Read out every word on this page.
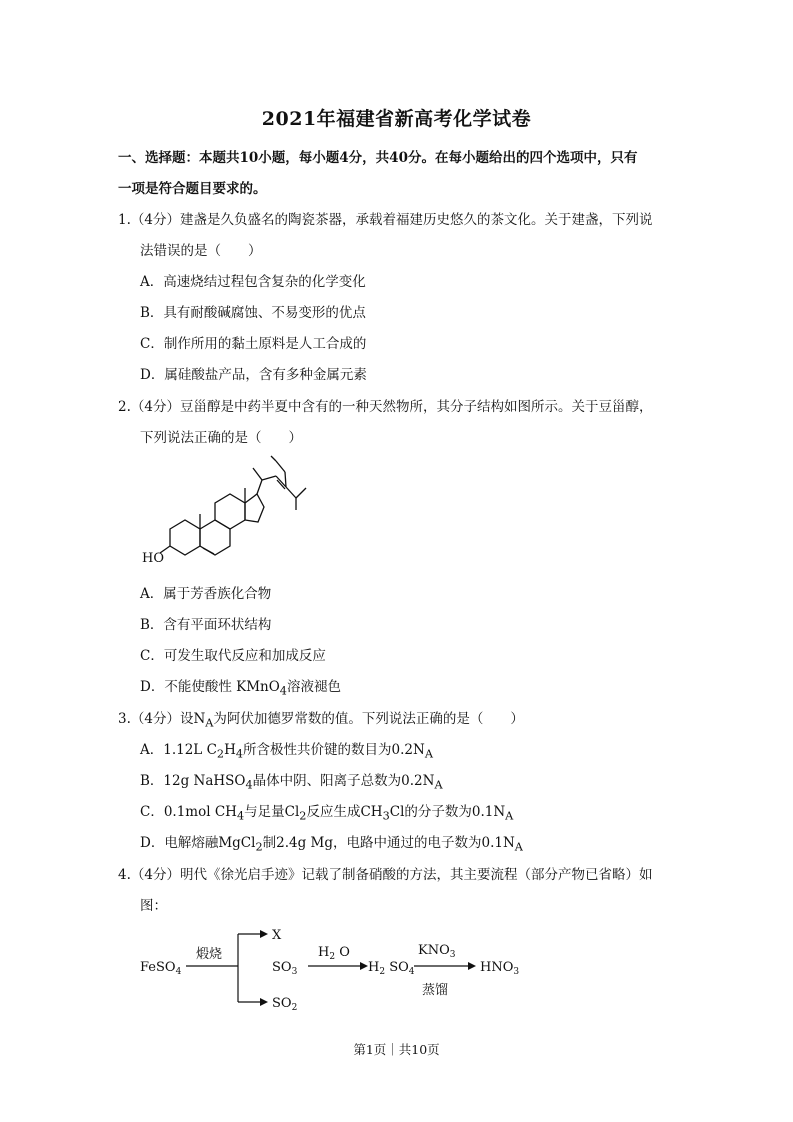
2021年福建省新高考化学试卷
一、选择题：本题共10小题，每小题4分，共40分。在每小题给出的四个选项中，只有
一项是符合题目要求的。
1.（4分）建盏是久负盛名的陶瓷茶器，承载着福建历史悠久的茶文化。关于建盏，下列说
法错误的是（　　）
A．高速烧结过程包含复杂的化学变化
B．具有耐酸碱腐蚀、不易变形的优点
C．制作所用的黏土原料是人工合成的
D．属硅酸盐产品，含有多种金属元素
2.（4分）豆甾醇是中药半夏中含有的一种天然物所，其分子结构如图所示。关于豆甾醇，
下列说法正确的是（　　）
HO
A．属于芳香族化合物
B．含有平面环状结构
C．可发生取代反应和加成反应
D．不能使酸性 KMnO$_4$溶液褪色
3.（4分）设$N_A$为阿伏加德罗常数的值。下列说法正确的是（　　）
A．1.12L $C_2H_4$所含极性共价键的数目为$0.2N_A$
B．12g NaHSO$_4$晶体中阴、阳离子总数为$0.2N_A$
C．0.1mol $CH_4$与足量$Cl_2$反应生成$CH_3Cl$的分子数为$0.1N_A$
D．电解熔融MgCl$_2$制2.4g Mg，电路中通过的电子数为$0.1N_A$
4.（4分）明代《徐光启手迹》记载了制备硝酸的方法，其主要流程（部分产物已省略）如
图：
FeSO$_4$
煅烧
X
$SO_3$
$SO_2$
$H_2$ O
$H_2$ $SO_4$
$KNO_3$
蒸馏
$HNO_3$
第1页｜共10页
